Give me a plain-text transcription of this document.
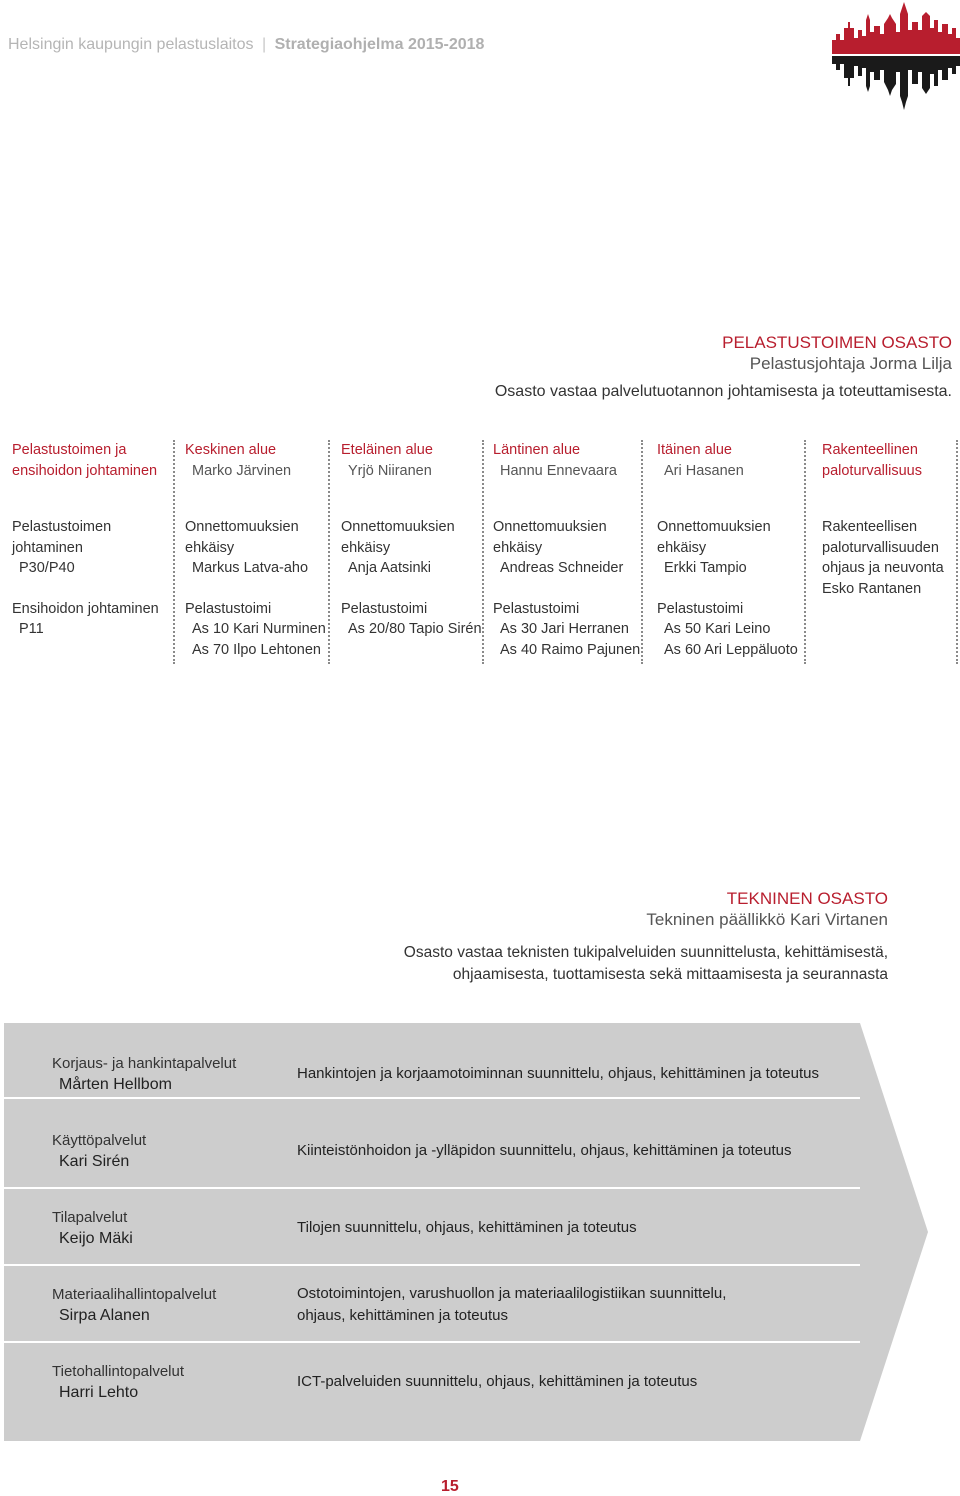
Helsingin kaupungin pelastuslaitos | Strategiaohjelma 2015-2018
PELASTUSTOIMEN OSASTO
Pelastusjohtaja Jorma Lilja
Osasto vastaa palvelutuotannon johtamisesta ja toteuttamisesta.
Pelastustoimen ja
ensihoidon johtaminen
Pelastustoimen
johtaminen
P30/P40
Ensihoidon johtaminen
P11
Keskinen alue
Marko Järvinen
Onnettomuuksien
ehkäisy
Markus Latva-aho
Pelastustoimi
As 10 Kari Nurminen
As 70 Ilpo Lehtonen
Eteläinen alue
Yrjö Niiranen
Onnettomuuksien
ehkäisy
Anja Aatsinki
Pelastustoimi
As 20/80 Tapio Sirén
Läntinen alue
Hannu Ennevaara
Onnettomuuksien
ehkäisy
Andreas Schneider
Pelastustoimi
As 30 Jari Herranen
As 40 Raimo Pajunen
Itäinen alue
Ari Hasanen
Onnettomuuksien
ehkäisy
Erkki Tampio
Pelastustoimi
As 50 Kari Leino
As 60 Ari Leppäluoto
Rakenteellinen
paloturvallisuus
Rakenteellisen
paloturvallisuuden
ohjaus ja neuvonta
Esko Rantanen
TEKNINEN OSASTO
Tekninen päällikkö Kari Virtanen
Osasto vastaa teknisten tukipalveluiden suunnittelusta, kehittämisestä,
ohjaamisesta, tuottamisesta sekä mittaamisesta ja seurannasta
Korjaus- ja hankintapalvelut
Mårten Hellbom
Hankintojen ja korjaamotoiminnan suunnittelu, ohjaus, kehittäminen ja toteutus
Käyttöpalvelut
Kari Sirén
Kiinteistönhoidon ja -ylläpidon suunnittelu, ohjaus, kehittäminen ja toteutus
Tilapalvelut
Keijo Mäki
Tilojen suunnittelu, ohjaus, kehittäminen ja toteutus
Materiaalihallintopalvelut
Sirpa Alanen
Ostotoimintojen, varushuollon ja materiaalilogistiikan suunnittelu,
ohjaus, kehittäminen ja toteutus
Tietohallintopalvelut
Harri Lehto
ICT-palveluiden suunnittelu, ohjaus, kehittäminen ja toteutus
15
